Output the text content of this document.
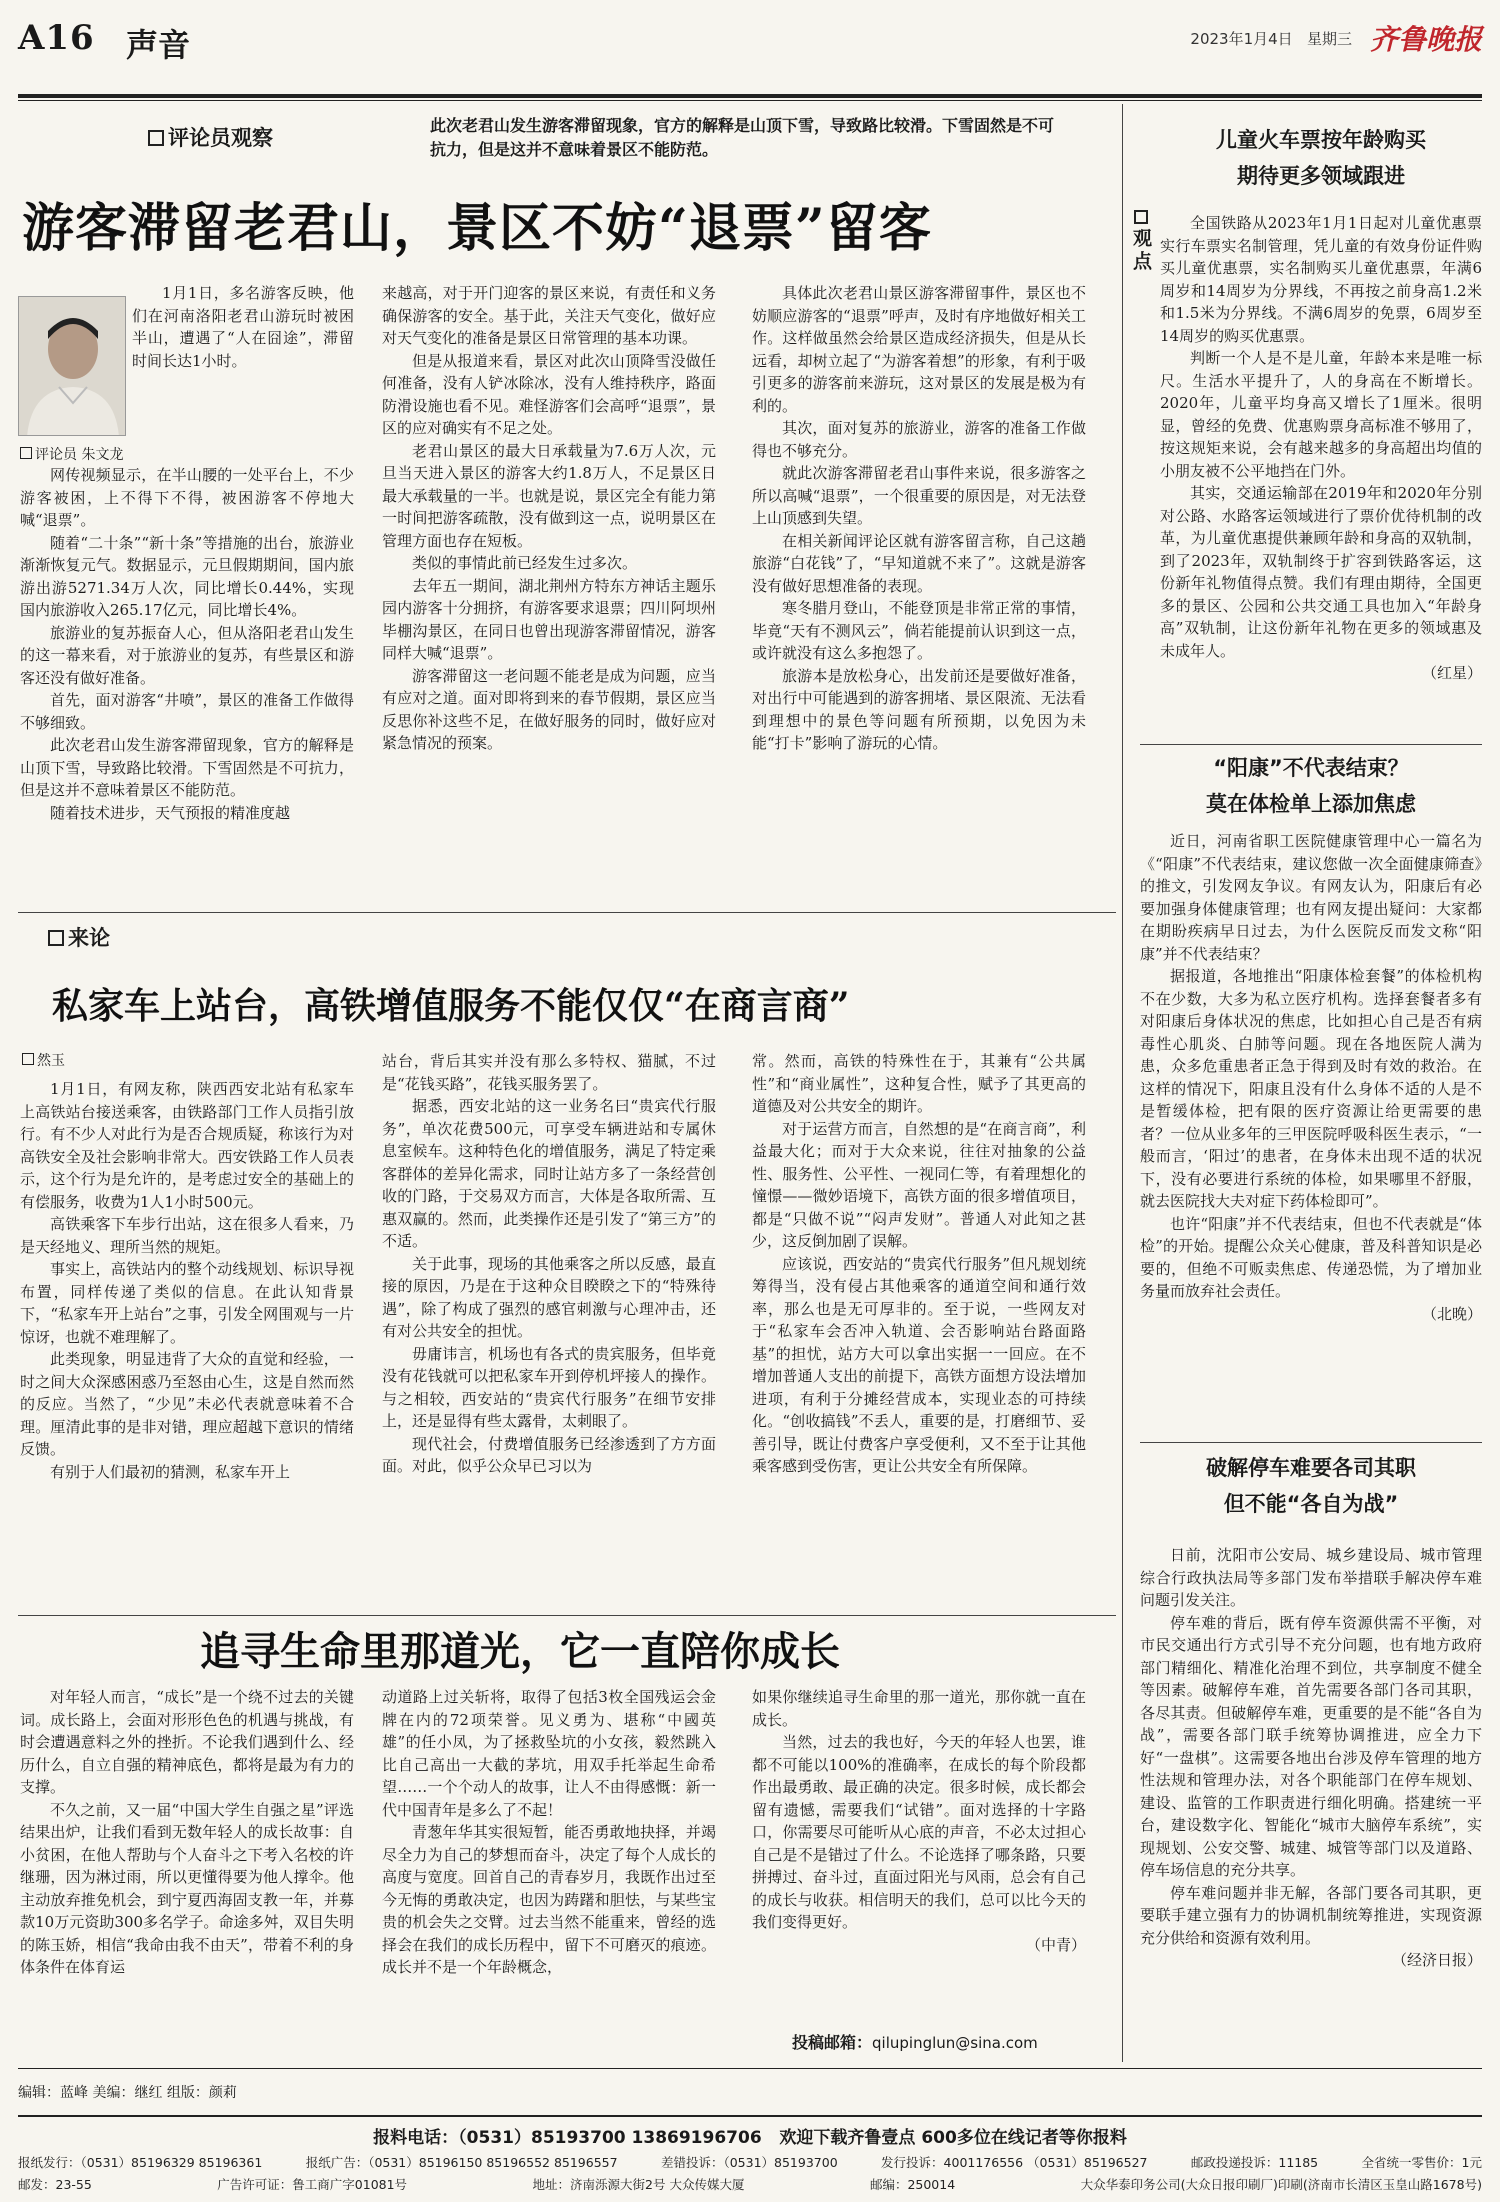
A16 声音	2023年1月4日 星期三 齐鲁晚报
评论员观察
此次老君山发生游客滞留现象，官方的解释是山顶下雪，导致路比较滑。下雪固然是不可抗力，但是这并不意味着景区不能防范。
游客滞留老君山，景区不妨“退票”留客
评论员 朱文龙

1月1日，多名游客反映，他们在河南洛阳老君山游玩时被困半山，遭遇了“人在囧途”，滞留时间长达1小时。

网传视频显示，在半山腰的一处平台上，不少游客被困，上不得下不得，被困游客不停地大喊“退票”。

随着“二十条”“新十条”等措施的出台，旅游业渐渐恢复元气。数据显示，元旦假期期间，国内旅游出游5271.34万人次，同比增长0.44%，实现国内旅游收入265.17亿元，同比增长4%。

旅游业的复苏振奋人心，但从洛阳老君山发生的这一幕来看，对于旅游业的复苏，有些景区和游客还没有做好准备。

首先，面对游客“井喷”，景区的准备工作做得不够细致。

此次老君山发生游客滞留现象，官方的解释是山顶下雪，导致路比较滑。下雪固然是不可抗力，但是这并不意味着景区不能防范。

随着技术进步，天气预报的精准度越

来越高，对于开门迎客的景区来说，有责任和义务确保游客的安全。基于此，关注天气变化，做好应对天气变化的准备是景区日常管理的基本功课。

但是从报道来看，景区对此次山顶降雪没做任何准备，没有人铲冰除冰，没有人维持秩序，路面防滑设施也看不见。难怪游客们会高呼“退票”，景区的应对确实有不足之处。

老君山景区的最大日承载量为7.6万人次，元旦当天进入景区的游客大约1.8万人，不足景区日最大承载量的一半。也就是说，景区完全有能力第一时间把游客疏散，没有做到这一点，说明景区在管理方面也存在短板。

类似的事情此前已经发生过多次。

去年五一期间，湖北荆州方特东方神话主题乐园内游客十分拥挤，有游客要求退票；四川阿坝州毕棚沟景区，在同日也曾出现游客滞留情况，游客同样大喊“退票”。

游客滞留这一老问题不能老是成为问题，应当有应对之道。面对即将到来的春节假期，景区应当反思你补这些不足，在做好服务的同时，做好应对紧急情况的预案。

具体此次老君山景区游客滞留事件，景区也不妨顺应游客的“退票”呼声，及时有序地做好相关工作。这样做虽然会给景区造成经济损失，但是从长远看，却树立起了“为游客着想”的形象，有利于吸引更多的游客前来游玩，这对景区的发展是极为有利的。

其次，面对复苏的旅游业，游客的准备工作做得也不够充分。

就此次游客滞留老君山事件来说，很多游客之所以高喊“退票”，一个很重要的原因是，对无法登上山顶感到失望。

在相关新闻评论区就有游客留言称，自己这趟旅游“白花钱”了，“早知道就不来了”。这就是游客没有做好思想准备的表现。

寒冬腊月登山，不能登顶是非常正常的事情，毕竟“天有不测风云”，倘若能提前认识到这一点，或许就没有这么多抱怨了。

旅游本是放松身心，出发前还是要做好准备，对出行中可能遇到的游客拥堵、景区限流、无法看到理想中的景色等问题有所预期，以免因为未能“打卡”影响了游玩的心情。

来论
私家车上站台，高铁增值服务不能仅仅“在商言商”
然玉

1月1日，有网友称，陕西西安北站有私家车上高铁站台接送乘客，由铁路部门工作人员指引放行。有不少人对此行为是否合规质疑，称该行为对高铁安全及社会影响非常大。西安铁路工作人员表示，这个行为是允许的，是考虑过安全的基础上的有偿服务，收费为1人1小时500元。

高铁乘客下车步行出站，这在很多人看来，乃是天经地义、理所当然的规矩。

事实上，高铁站内的整个动线规划、标识导视布置，同样传递了类似的信息。在此认知背景下，“私家车开上站台”之事，引发全网围观与一片惊讶，也就不难理解了。

此类现象，明显违背了大众的直觉和经验，一时之间大众深感困惑乃至怒由心生，这是自然而然的反应。当然了，“少见”未必代表就意味着不合理。厘清此事的是非对错，理应超越下意识的情绪反馈。

有别于人们最初的猜测，私家车开上

站台，背后其实并没有那么多特权、猫腻，不过是“花钱买路”，花钱买服务罢了。

据悉，西安北站的这一业务名曰“贵宾代行服务”，单次花费500元，可享受车辆进站和专属休息室候车。这种特色化的增值服务，满足了特定乘客群体的差异化需求，同时让站方多了一条经营创收的门路，于交易双方而言，大体是各取所需、互惠双赢的。然而，此类操作还是引发了“第三方”的不适。

关于此事，现场的其他乘客之所以反感，最直接的原因，乃是在于这种众目睽睽之下的“特殊待遇”，除了构成了强烈的感官刺激与心理冲击，还有对公共安全的担忧。

毋庸讳言，机场也有各式的贵宾服务，但毕竟没有花钱就可以把私家车开到停机坪接人的操作。与之相较，西安站的“贵宾代行服务”在细节安排上，还是显得有些太露骨，太刺眼了。

现代社会，付费增值服务已经渗透到了方方面面。对此，似乎公众早已习以为

常。然而，高铁的特殊性在于，其兼有“公共属性”和“商业属性”，这种复合性，赋予了其更高的道德及对公共安全的期许。

对于运营方而言，自然想的是“在商言商”，利益最大化；而对于大众来说，往往对抽象的公益性、服务性、公平性、一视同仁等，有着理想化的憧憬——微妙语境下，高铁方面的很多增值项目，都是“只做不说”“闷声发财”。普通人对此知之甚少，这反倒加剧了误解。

应该说，西安站的“贵宾代行服务”但凡规划统筹得当，没有侵占其他乘客的通道空间和通行效率，那么也是无可厚非的。至于说，一些网友对于“私家车会否冲入轨道、会否影响站台路面路基”的担忧，站方大可以拿出实据一一回应。在不增加普通人支出的前提下，高铁方面想方设法增加进项，有利于分摊经营成本，实现业态的可持续化。“创收搞钱”不丢人，重要的是，打磨细节、妥善引导，既让付费客户享受便利，又不至于让其他乘客感到受伤害，更让公共安全有所保障。

追寻生命里那道光，它一直陪你成长

对年轻人而言，“成长”是一个绕不过去的关键词。成长路上，会面对形形色色的机遇与挑战，有时会遭遇意料之外的挫折。不论我们遇到什么、经历什么，自立自强的精神底色，都将是最为有力的支撑。

不久之前，又一届“中国大学生自强之星”评选结果出炉，让我们看到无数年轻人的成长故事：自小贫困，在他人帮助与个人奋斗之下考入名校的许继珊，因为淋过雨，所以更懂得要为他人撑伞。他主动放弃推免机会，到宁夏西海固支教一年，并募款10万元资助300多名学子。命途多舛，双目失明的陈玉娇，相信“我命由我不由天”，带着不利的身体条件在体育运

动道路上过关斩将，取得了包括3枚全国残运会金牌在内的72项荣誉。见义勇为、堪称“中國英雄”的任小凤，为了拯救坠坑的小女孩，毅然跳入比自己高出一大截的茅坑，用双手托举起生命希望……一个个动人的故事，让人不由得感慨：新一代中国青年是多么了不起！

青葱年华其实很短暂，能否勇敢地抉择，并竭尽全力为自己的梦想而奋斗，决定了每个人成长的高度与宽度。回首自己的青春岁月，我既作出过至今无悔的勇敢决定，也因为踌躇和胆怯，与某些宝贵的机会失之交臂。过去当然不能重来，曾经的选择会在我们的成长历程中，留下不可磨灭的痕迹。成长并不是一个年龄概念，

如果你继续追寻生命里的那一道光，那你就一直在成长。

当然，过去的我也好，今天的年轻人也罢，谁都不可能以100%的准确率，在成长的每个阶段都作出最勇敢、最正确的决定。很多时候，成长都会留有遗憾，需要我们“试错”。面对选择的十字路口，你需要尽可能听从心底的声音，不必太过担心自己是不是错过了什么。不论选择了哪条路，只要拼搏过、奋斗过，直面过阳光与风雨，总会有自己的成长与收获。相信明天的我们，总可以比今天的我们变得更好。

（中青）

投稿邮箱：qilupinglun@sina.com
观点
儿童火车票按年龄购买
期待更多领域跟进

全国铁路从2023年1月1日起对儿童优惠票实行车票实名制管理，凭儿童的有效身份证件购买儿童优惠票，实名制购买儿童优惠票，年满6周岁和14周岁为分界线，不再按之前身高1.2米和1.5米为分界线。不满6周岁的免票，6周岁至14周岁的购买优惠票。

判断一个人是不是儿童，年龄本来是唯一标尺。生活水平提升了，人的身高在不断增长。2020年，儿童平均身高又增长了1厘米。很明显，曾经的免费、优惠购票身高标准不够用了，按这规矩来说，会有越来越多的身高超出均值的小朋友被不公平地挡在门外。

其实，交通运输部在2019年和2020年分别对公路、水路客运领域进行了票价优待机制的改革，为儿童优惠提供兼顾年龄和身高的双轨制，到了2023年，双轨制终于扩容到铁路客运，这份新年礼物值得点赞。我们有理由期待，全国更多的景区、公园和公共交通工具也加入“年龄身高”双轨制，让这份新年礼物在更多的领域惠及未成年人。

（红星）

“阳康”不代表结束？
莫在体检单上添加焦虑

近日，河南省职工医院健康管理中心一篇名为《“阳康”不代表结束，建议您做一次全面健康筛查》的推文，引发网友争议。有网友认为，阳康后有必要加强身体健康管理；也有网友提出疑问：大家都在期盼疾病早日过去，为什么医院反而发文称“阳康”并不代表结束？

据报道，各地推出“阳康体检套餐”的体检机构不在少数，大多为私立医疗机构。选择套餐者多有对阳康后身体状况的焦虑，比如担心自己是否有病毒性心肌炎、白肺等问题。现在各地医院人满为患，众多危重患者正急于得到及时有效的救治。在这样的情况下，阳康且没有什么身体不适的人是不是暂缓体检，把有限的医疗资源让给更需要的患者？一位从业多年的三甲医院呼吸科医生表示，“一般而言，‘阳过’的患者，在身体未出现不适的状况下，没有必要进行系统的体检，如果哪里不舒服，就去医院找大夫对症下药体检即可”。

也许“阳康”并不代表结束，但也不代表就是“体检”的开始。提醒公众关心健康，普及科普知识是必要的，但绝不可贩卖焦虑、传递恐慌，为了增加业务量而放弃社会责任。

（北晚）

破解停车难要各司其职
但不能“各自为战”

日前，沈阳市公安局、城乡建设局、城市管理综合行政执法局等多部门发布举措联手解决停车难问题引发关注。

停车难的背后，既有停车资源供需不平衡，对市民交通出行方式引导不充分问题，也有地方政府部门精细化、精准化治理不到位，共享制度不健全等因素。破解停车难，首先需要各部门各司其职，各尽其责。但破解停车难，更重要的是不能“各自为战”，需要各部门联手统筹协调推进，应全力下好“一盘棋”。这需要各地出台涉及停车管理的地方性法规和管理办法，对各个职能部门在停车规划、建设、监管的工作职责进行细化明确。搭建统一平台，建设数字化、智能化“城市大脑停车系统”，实现规划、公安交警、城建、城管等部门以及道路、停车场信息的充分共享。

停车难问题并非无解，各部门要各司其职，更要联手建立强有力的协调机制统筹推进，实现资源充分供给和资源有效利用。

（经济日报）

编辑：蓝峰 美编：继红 组版：颜莉
报料电话：（0531）85193700 13869196706 欢迎下载齐鲁壹点 600多位在线记者等你报料
报纸发行：（0531）85196329 85196361	报纸广告：（0531）85196150 85196552 85196557	差错投诉：（0531）85193700	发行投诉：4001176556 （0531）85196527	邮政投递投诉：11185	全省统一零售价：1元
邮发：23-55	广告许可证：鲁工商广字01081号	地址：济南泺源大街2号 大众传媒大厦	邮编：250014	大众华泰印务公司(大众日报印刷厂)印刷(济南市长清区玉皇山路1678号)
